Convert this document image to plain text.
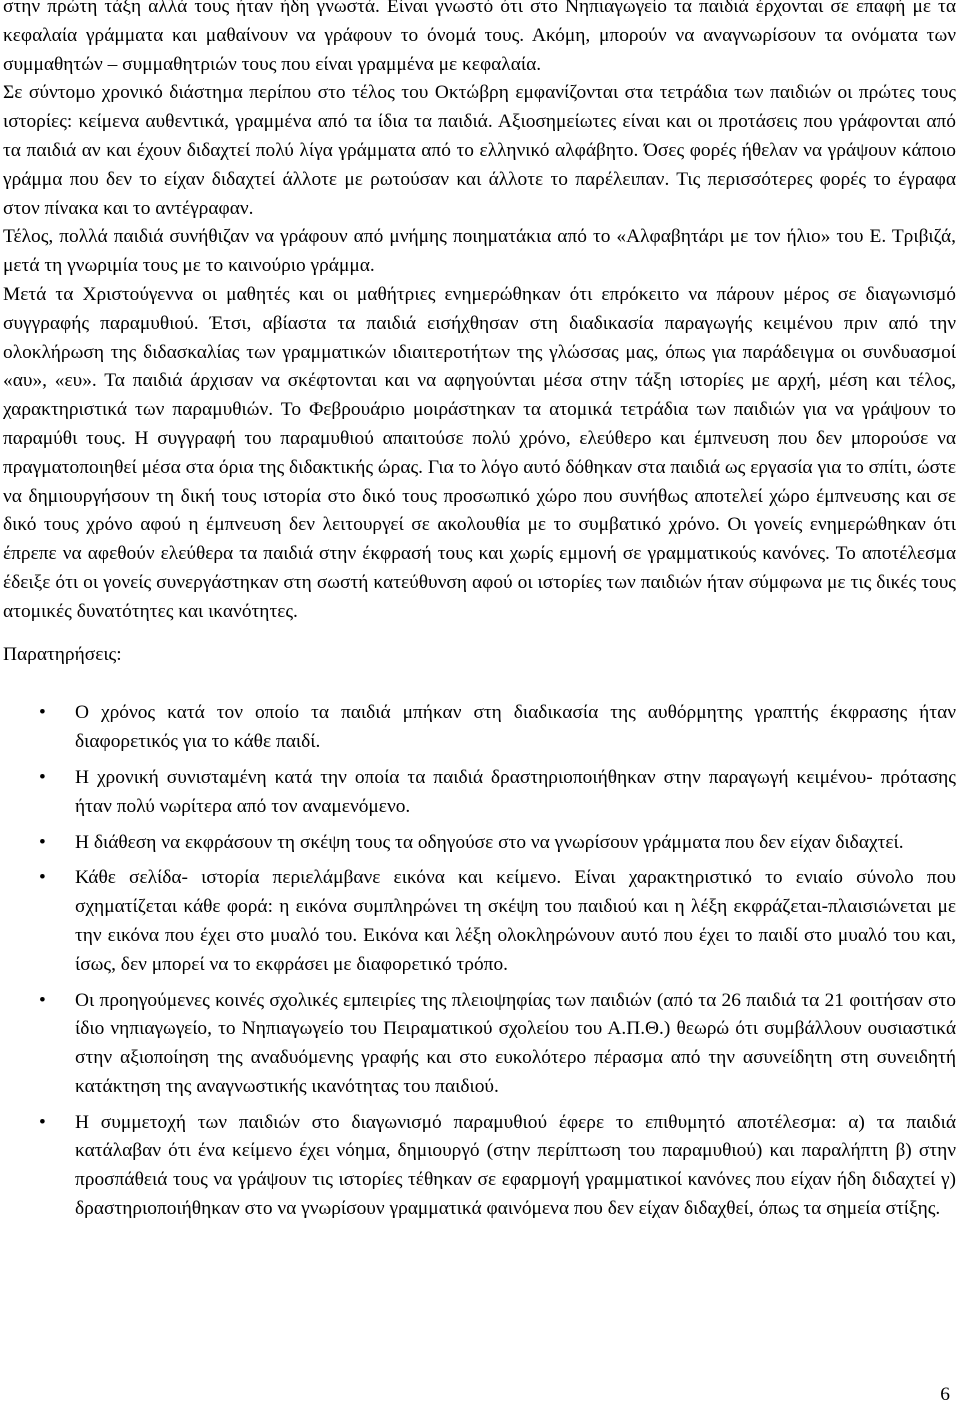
στην πρώτη τάξη αλλά τους ήταν ήδη γνωστά. Είναι γνωστό ότι στο Νηπιαγωγείο τα παιδιά έρχονται σε επαφή με τα κεφαλαία γράμματα και μαθαίνουν να γράφουν το όνομά τους. Ακόμη, μπορούν να αναγνωρίσουν τα ονόματα των συμμαθητών – συμμαθητριών τους που είναι γραμμένα με κεφαλαία.

Σε σύντομο χρονικό διάστημα περίπου στο τέλος του Οκτώβρη εμφανίζονται στα τετράδια των παιδιών οι πρώτες τους ιστορίες: κείμενα αυθεντικά, γραμμένα από τα ίδια τα παιδιά. Αξιοσημείωτες είναι και οι προτάσεις που γράφονται από τα παιδιά αν και έχουν διδαχτεί πολύ λίγα γράμματα από το ελληνικό αλφάβητο. Όσες φορές ήθελαν να γράψουν κάποιο γράμμα που δεν το είχαν διδαχτεί άλλοτε με ρωτούσαν και άλλοτε το παρέλειπαν. Τις περισσότερες φορές το έγραφα στον πίνακα και το αντέγραφαν.

Τέλος, πολλά παιδιά συνήθιζαν να γράφουν από μνήμης ποιηματάκια από το «Αλφαβητάρι με τον ήλιο» του Ε. Τριβιζά, μετά τη γνωριμία τους με το καινούριο γράμμα.

Μετά τα Χριστούγεννα οι μαθητές και οι μαθήτριες ενημερώθηκαν ότι επρόκειτο να πάρουν μέρος σε διαγωνισμό συγγραφής παραμυθιού. Έτσι, αβίαστα τα παιδιά εισήχθησαν στη διαδικασία παραγωγής κειμένου πριν από την ολοκλήρωση της διδασκαλίας των γραμματικών ιδιαιτεροτήτων της γλώσσας μας, όπως για παράδειγμα οι συνδυασμοί «αυ», «ευ». Τα παιδιά άρχισαν να σκέφτονται και να αφηγούνται μέσα στην τάξη ιστορίες με αρχή, μέση και τέλος, χαρακτηριστικά των παραμυθιών. Το Φεβρουάριο μοιράστηκαν τα ατομικά τετράδια των παιδιών για να γράψουν το παραμύθι τους. Η συγγραφή του παραμυθιού απαιτούσε πολύ χρόνο, ελεύθερο και έμπνευση που δεν μπορούσε να πραγματοποιηθεί μέσα στα όρια της διδακτικής ώρας. Για το λόγο αυτό δόθηκαν στα παιδιά ως εργασία για το σπίτι, ώστε να δημιουργήσουν τη δική τους ιστορία στο δικό τους προσωπικό χώρο που συνήθως αποτελεί χώρο έμπνευσης και σε δικό τους χρόνο αφού η έμπνευση δεν λειτουργεί σε ακολουθία με το συμβατικό χρόνο. Οι γονείς ενημερώθηκαν ότι έπρεπε να αφεθούν ελεύθερα τα παιδιά στην έκφρασή τους και χωρίς εμμονή σε γραμματικούς κανόνες. Το αποτέλεσμα έδειξε ότι οι γονείς συνεργάστηκαν στη σωστή κατεύθυνση αφού οι ιστορίες των παιδιών ήταν σύμφωνα με τις δικές τους ατομικές δυνατότητες και ικανότητες.

Παρατηρήσεις:

• Ο χρόνος κατά τον οποίο τα παιδιά μπήκαν στη διαδικασία της αυθόρμητης γραπτής έκφρασης ήταν διαφορετικός για το κάθε παιδί.

• Η χρονική συνισταμένη κατά την οποία τα παιδιά δραστηριοποιήθηκαν στην παραγωγή κειμένου- πρότασης ήταν πολύ νωρίτερα από τον αναμενόμενο.

• Η διάθεση να εκφράσουν τη σκέψη τους τα οδηγούσε στο να γνωρίσουν γράμματα που δεν είχαν διδαχτεί.

• Κάθε σελίδα- ιστορία περιελάμβανε εικόνα και κείμενο. Είναι χαρακτηριστικό το ενιαίο σύνολο που σχηματίζεται κάθε φορά: η εικόνα συμπληρώνει τη σκέψη του παιδιού και η λέξη εκφράζεται-πλαισιώνεται με την εικόνα που έχει στο μυαλό του. Εικόνα και λέξη ολοκληρώνουν αυτό που έχει το παιδί στο μυαλό του και, ίσως, δεν μπορεί να το εκφράσει με διαφορετικό τρόπο.

• Οι προηγούμενες κοινές σχολικές εμπειρίες της πλειοψηφίας των παιδιών (από τα 26 παιδιά τα 21 φοιτήσαν στο ίδιο νηπιαγωγείο, το Νηπιαγωγείο του Πειραματικού σχολείου του Α.Π.Θ.) θεωρώ ότι συμβάλλουν ουσιαστικά στην αξιοποίηση της αναδυόμενης γραφής και στο ευκολότερο πέρασμα από την ασυνείδητη στη συνειδητή κατάκτηση της αναγνωστικής ικανότητας του παιδιού.

• Η συμμετοχή των παιδιών στο διαγωνισμό παραμυθιού έφερε το επιθυμητό αποτέλεσμα: α) τα παιδιά κατάλαβαν ότι ένα κείμενο έχει νόημα, δημιουργό (στην περίπτωση του παραμυθιού) και παραλήπτη β) στην προσπάθειά τους να γράψουν τις ιστορίες τέθηκαν σε εφαρμογή γραμματικοί κανόνες που είχαν ήδη διδαχτεί γ) δραστηριοποιήθηκαν στο να γνωρίσουν γραμματικά φαινόμενα που δεν είχαν διδαχθεί, όπως τα σημεία στίξης.

6
